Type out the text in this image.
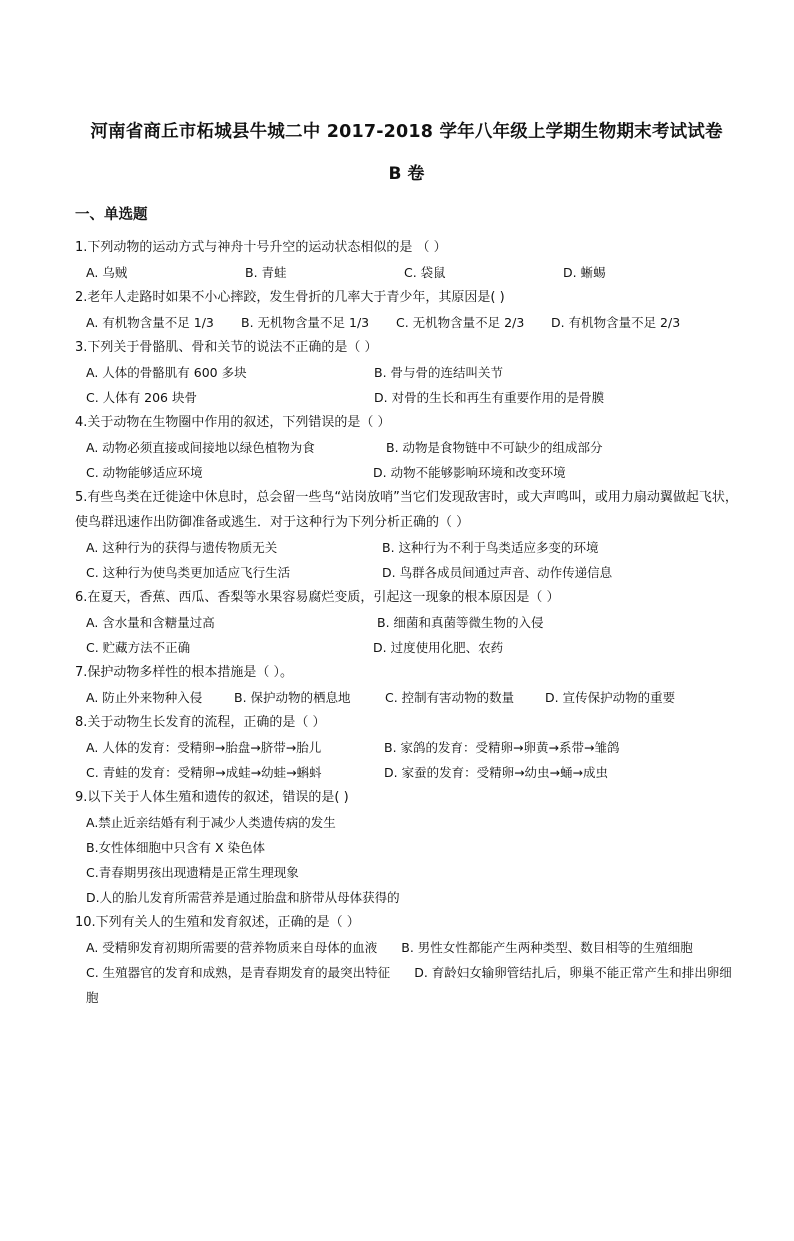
河南省商丘市柘城县牛城二中 2017-2018 学年八年级上学期生物期末考试试卷
B 卷
一、单选题

1.下列动物的运动方式与神舟十号升空的运动状态相似的是 （ ）

A. 乌贼	B. 青蛙	C. 袋鼠	D. 蜥蜴

2.老年人走路时如果不小心摔跤，发生骨折的几率大于青少年，其原因是( )

A. 有机物含量不足 1/3	B. 无机物含量不足 1/3	C. 无机物含量不足 2/3	D. 有机物含量不足 2/3

3.下列关于骨骼肌、骨和关节的说法不正确的是（ ）

A. 人体的骨骼肌有 600 多块	B. 骨与骨的连结叫关节
C. 人体有 206 块骨	D. 对骨的生长和再生有重要作用的是骨膜

4.关于动物在生物圈中作用的叙述，下列错误的是（ ）

A. 动物必须直接或间接地以绿色植物为食	B. 动物是食物链中不可缺少的组成部分
C. 动物能够适应环境	D. 动物不能够影响环境和改变环境

5.有些鸟类在迁徙途中休息时，总会留一些鸟“站岗放哨”当它们发现敌害时，或大声鸣叫，或用力扇动翼做起飞状，使鸟群迅速作出防御准备或逃生．对于这种行为下列分析正确的（ ）

A. 这种行为的获得与遗传物质无关	B. 这种行为不利于鸟类适应多变的环境
C. 这种行为使鸟类更加适应飞行生活	D. 鸟群各成员间通过声音、动作传递信息

6.在夏天，香蕉、西瓜、香梨等水果容易腐烂变质，引起这一现象的根本原因是（ ）

A. 含水量和含糖量过高	B. 细菌和真菌等微生物的入侵
C. 贮藏方法不正确	D. 过度使用化肥、农药

7.保护动物多样性的根本措施是（ ）。

A. 防止外来物种入侵	B. 保护动物的栖息地	C. 控制有害动物的数量	D. 宣传保护动物的重要

8.关于动物生长发育的流程，正确的是（ ）

A. 人体的发育：受精卵→胎盘→脐带→胎儿	B. 家鸽的发育：受精卵→卵黄→系带→雏鸽
C. 青蛙的发育：受精卵→成蛙→幼蛙→蝌蚪	D. 家蚕的发育：受精卵→幼虫→蛹→成虫

9.以下关于人体生殖和遗传的叙述，错误的是( )

A.禁止近亲结婚有利于减少人类遗传病的发生
B.女性体细胞中只含有 X 染色体
C.青春期男孩出现遗精是正常生理现象
D.人的胎儿发育所需营养是通过胎盘和脐带从母体获得的

10.下列有关人的生殖和发育叙述，正确的是（ ）

A. 受精卵发育初期所需要的营养物质来自母体的血液 B. 男性女性都能产生两种类型、数目相等的生殖细胞
C. 生殖器官的发育和成熟，是青春期发育的最突出特征 D. 育龄妇女输卵管结扎后，卵巢不能正常产生和排出卵细胞
